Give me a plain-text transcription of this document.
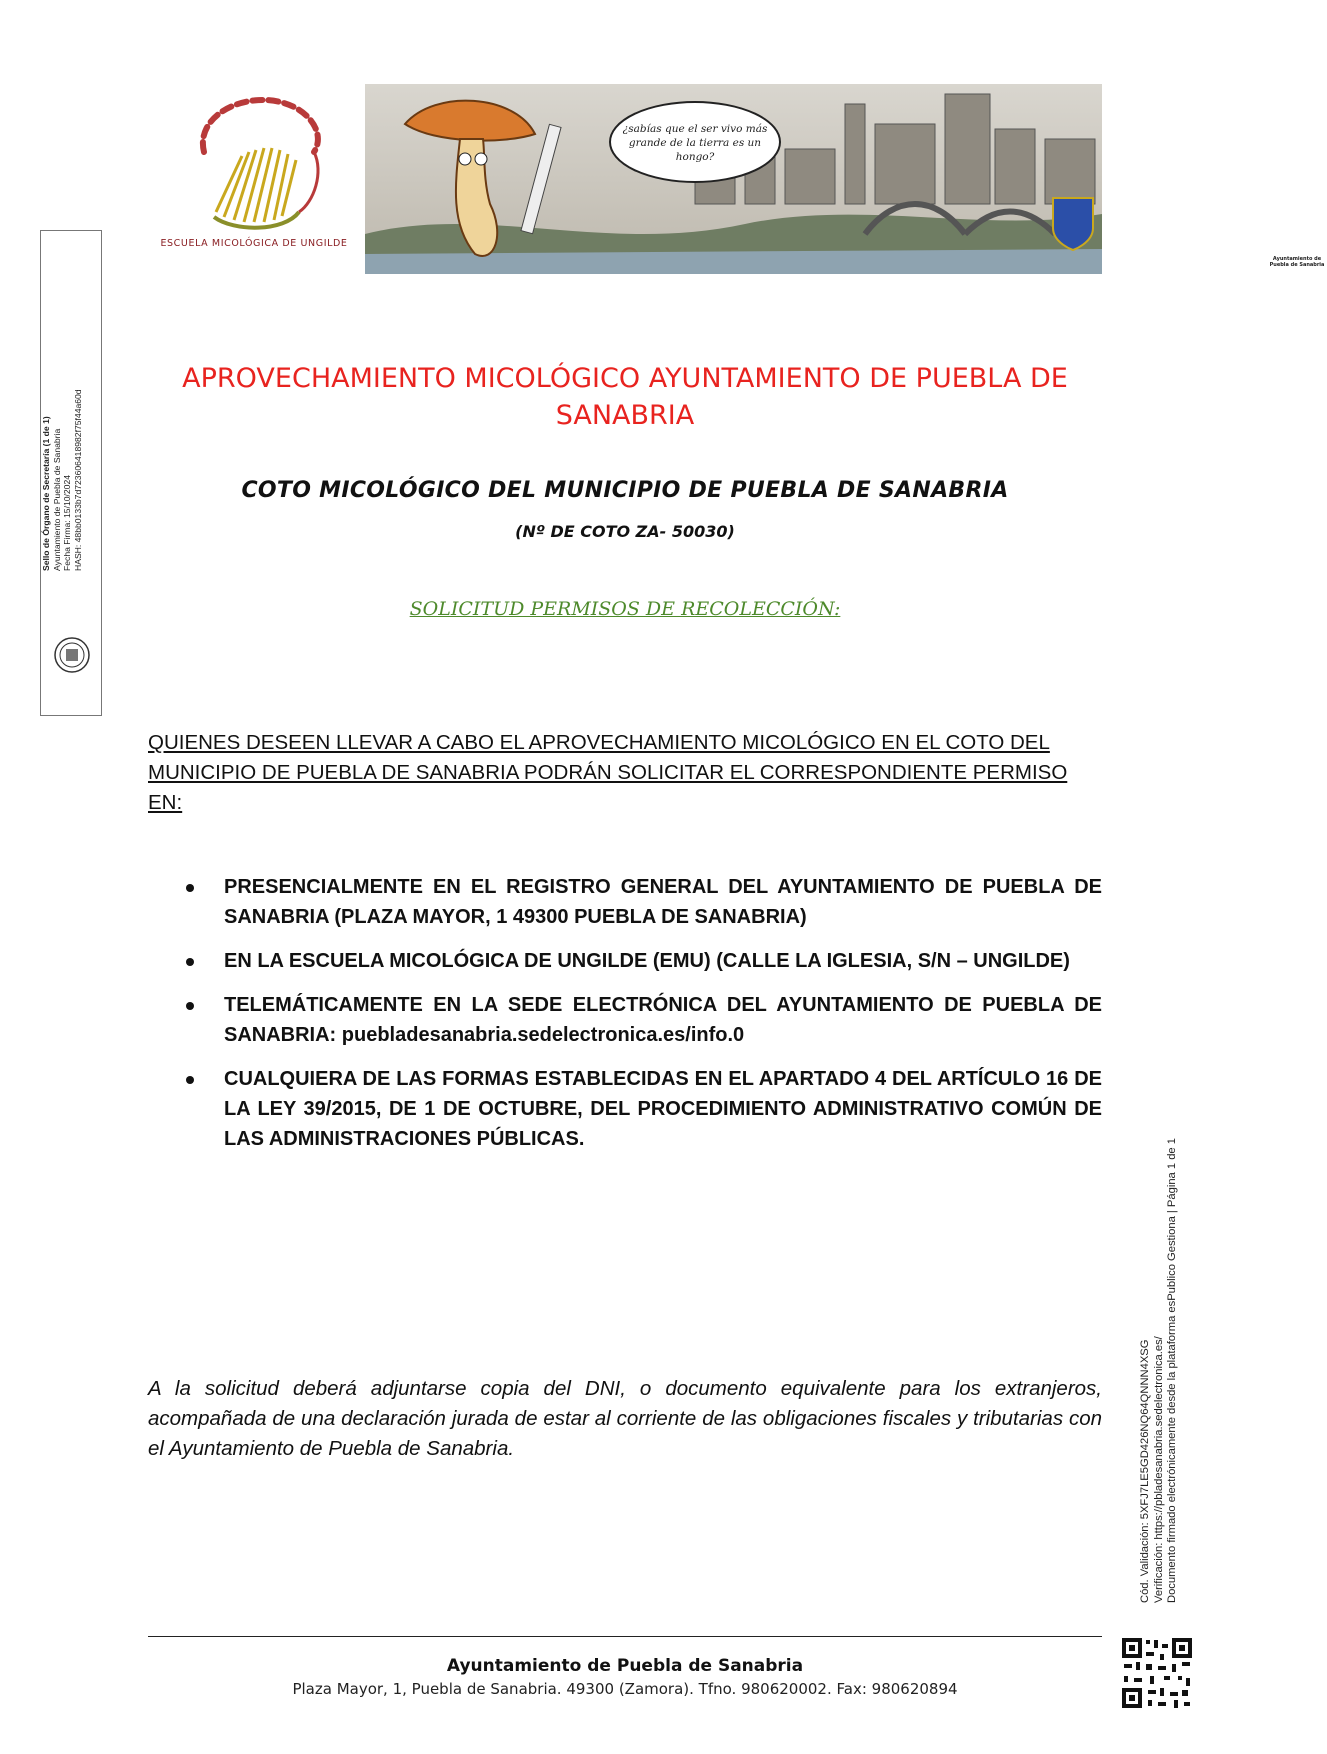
ESCUELA MICOLÓGICA DE UNGILDE
¿sabías que el ser vivo más grande de la tierra es un hongo?
Ayuntamiento de Puebla de Sanabria
Sello de Órgano de Secretaría (1 de 1) Ayuntamiento de Puebla de Sanabria Fecha Firma: 15/10/2024 HASH: 48bb0133b7d723606418982f75f44a60d
Cód. Validación: 5XFJ7LE5GD426NQ64QNNN4XSG Verificación: https://pbladesanabria.sedelectronica.es/ Documento firmado electrónicamente desde la plataforma esPublico Gestiona | Página 1 de 1
APROVECHAMIENTO MICOLÓGICO AYUNTAMIENTO DE PUEBLA DE SANABRIA
COTO MICOLÓGICO DEL MUNICIPIO DE PUEBLA DE SANABRIA
(Nº DE COTO ZA- 50030)
SOLICITUD PERMISOS DE RECOLECCIÓN:
QUIENES DESEEN LLEVAR A CABO EL APROVECHAMIENTO MICOLÓGICO EN EL COTO DEL MUNICIPIO DE PUEBLA DE SANABRIA PODRÁN SOLICITAR EL CORRESPONDIENTE PERMISO EN:
PRESENCIALMENTE EN EL REGISTRO GENERAL DEL AYUNTAMIENTO DE PUEBLA DE SANABRIA (PLAZA MAYOR, 1 49300 PUEBLA DE SANABRIA)
EN LA ESCUELA MICOLÓGICA DE UNGILDE (EMU) (CALLE LA IGLESIA, S/N – UNGILDE)
TELEMÁTICAMENTE EN LA SEDE ELECTRÓNICA DEL AYUNTAMIENTO DE PUEBLA DE SANABRIA: puebladesanabria.sedelectronica.es/info.0
CUALQUIERA DE LAS FORMAS ESTABLECIDAS EN EL APARTADO 4 DEL ARTÍCULO 16 DE LA LEY 39/2015, DE 1 DE OCTUBRE, DEL PROCEDIMIENTO ADMINISTRATIVO COMÚN DE LAS ADMINISTRACIONES PÚBLICAS.
A la solicitud deberá adjuntarse copia del DNI, o documento equivalente para los extranjeros, acompañada de una declaración jurada de estar al corriente de las obligaciones fiscales y tributarias con el Ayuntamiento de Puebla de Sanabria.
Ayuntamiento de Puebla de Sanabria
Plaza Mayor, 1, Puebla de Sanabria. 49300 (Zamora). Tfno. 980620002. Fax: 980620894
